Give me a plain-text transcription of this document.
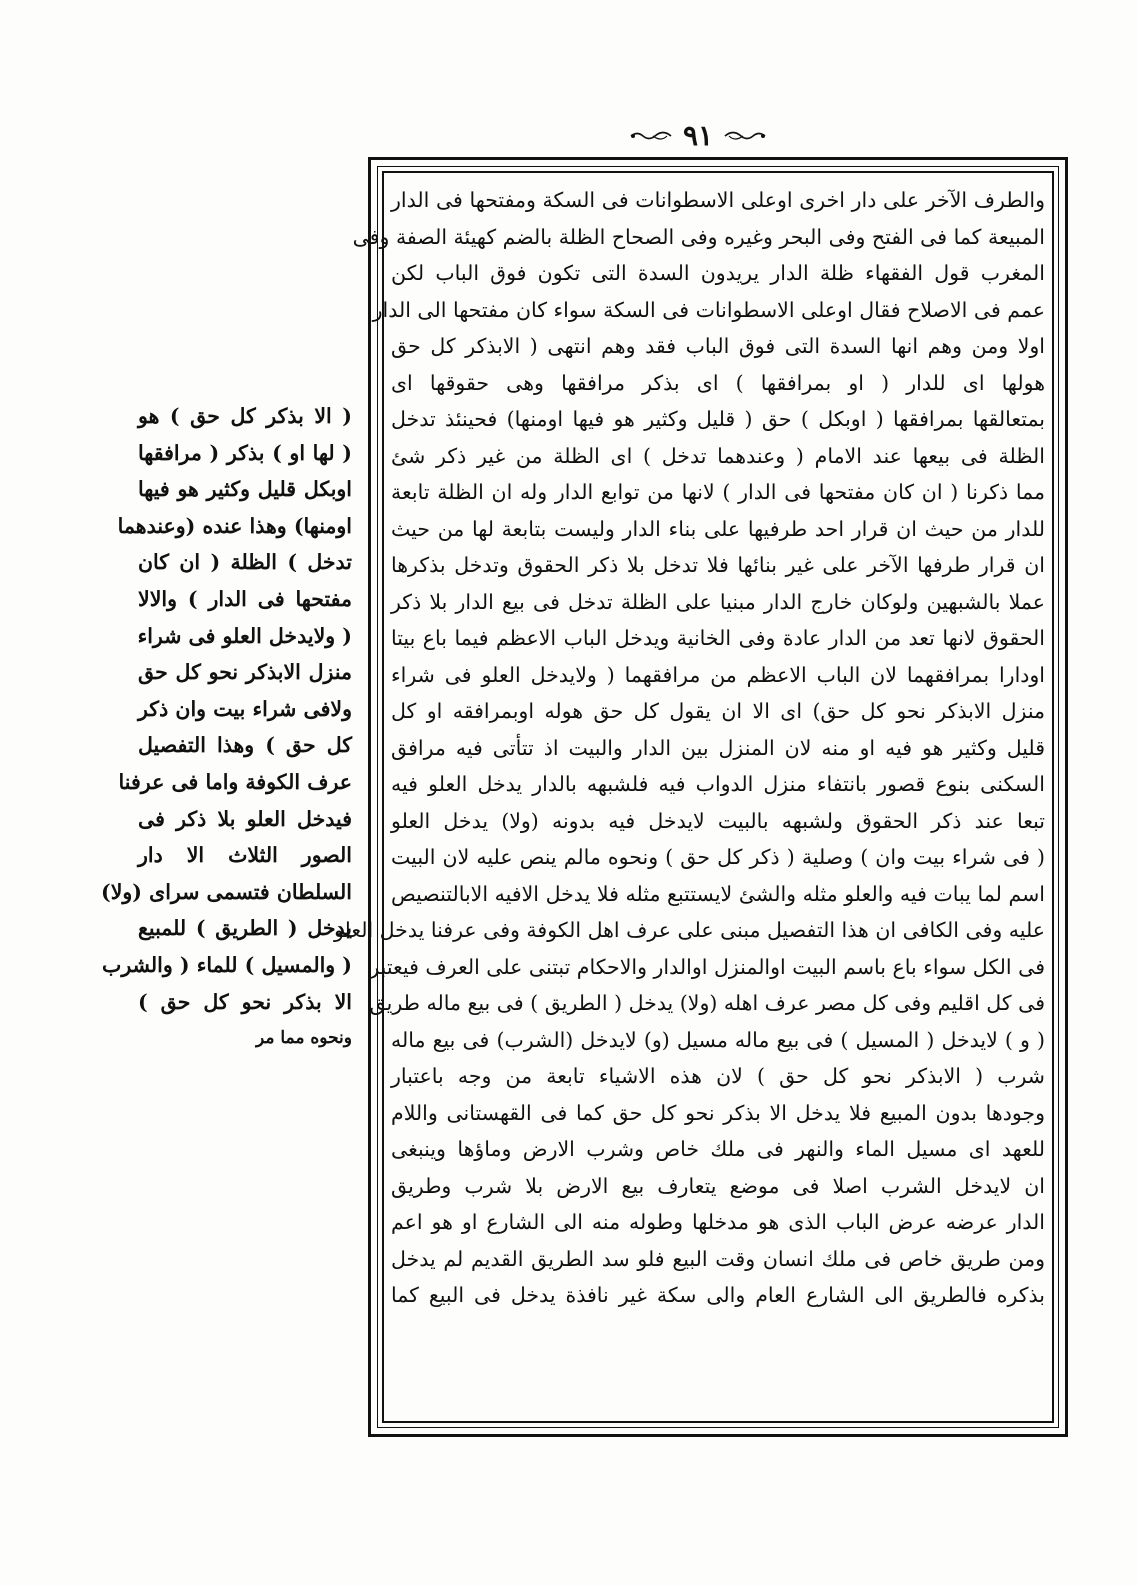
٩١
والطرف الآخر على دار اخرى اوعلى الاسطوانات فى السكة ومفتحها فى الدار
المبيعة كما فى الفتح وفى البحر وغيره وفى الصحاح الظلة بالضم كهيئة الصفة وفى
المغرب قول الفقهاء ظلة الدار يريدون السدة التى تكون فوق الباب لكن
عمم فى الاصلاح فقال اوعلى الاسطوانات فى السكة سواء كان مفتحها الى الدار
اولا ومن وهم انها السدة التى فوق الباب فقد وهم انتهى ( الابذكر كل حق
هولها اى للدار ( او بمرافقها ) اى بذكر مرافقها وهى حقوقها اى
بمتعالقها بمرافقها ( اوبكل ) حق ( قليل وكثير هو فيها اومنها) فحينئذ تدخل
الظلة فى بيعها عند الامام ( وعندهما تدخل ) اى الظلة من غير ذكر شئ
مما ذكرنا ( ان كان مفتحها فى الدار ) لانها من توابع الدار وله ان الظلة تابعة
للدار من حيث ان قرار احد طرفيها على بناء الدار وليست بتابعة لها من حيث
ان قرار طرفها الآخر على غير بنائها فلا تدخل بلا ذكر الحقوق وتدخل بذكرها
عملا بالشبهين ولوكان خارج الدار مبنيا على الظلة تدخل فى بيع الدار بلا ذكر
الحقوق لانها تعد من الدار عادة وفى الخانية ويدخل الباب الاعظم فيما باع بيتا
اودارا بمرافقهما لان الباب الاعظم من مرافقهما ( ولايدخل العلو فى شراء
منزل الابذكر نحو كل حق) اى الا ان يقول كل حق هوله اوبمرافقه او كل
قليل وكثير هو فيه او منه لان المنزل بين الدار والبيت اذ تتأتى فيه مرافق
السكنى بنوع قصور بانتفاء منزل الدواب فيه فلشبهه بالدار يدخل العلو فيه
تبعا عند ذكر الحقوق ولشبهه بالبيت لايدخل فيه بدونه (ولا) يدخل العلو
( فى شراء بيت وان ) وصلية ( ذكر كل حق ) ونحوه مالم ينص عليه لان البيت
اسم لما يبات فيه والعلو مثله والشئ لايستتبع مثله فلا يدخل الافيه الابالتنصيص
عليه وفى الكافى ان هذا التفصيل مبنى على عرف اهل الكوفة وفى عرفنا يدخل العلو
فى الكل سواء باع باسم البيت اوالمنزل اوالدار والاحكام تبتنى على العرف فيعتبر
فى كل اقليم وفى كل مصر عرف اهله (ولا) يدخل ( الطريق ) فى بيع ماله طريق
( و ) لايدخل ( المسيل ) فى بيع ماله مسيل (و) لايدخل (الشرب) فى بيع ماله
شرب ( الابذكر نحو كل حق ) لان هذه الاشياء تابعة من وجه باعتبار
وجودها بدون المبيع فلا يدخل الا بذكر نحو كل حق كما فى القهستانى واللام
للعهد اى مسيل الماء والنهر فى ملك خاص وشرب الارض وماؤها وينبغى
ان لايدخل الشرب اصلا فى موضع يتعارف بيع الارض بلا شرب وطريق
الدار عرضه عرض الباب الذى هو مدخلها وطوله منه الى الشارع او هو اعم
ومن طريق خاص فى ملك انسان وقت البيع فلو سد الطريق القديم لم يدخل
بذكره فالطريق الى الشارع العام والى سكة غير نافذة يدخل فى البيع كما
( الا بذكر كل حق ) هو
( لها او ) بذكر ( مرافقها
اوبكل قليل وكثير هو فيها
اومنها) وهذا عنده (وعندهما
تدخل ) الظلة ( ان كان
مفتحها فى الدار ) والالا
( ولايدخل العلو فى شراء
منزل الابذكر نحو كل حق
ولافى شراء بيت وان ذكر
كل حق ) وهذا التفصيل
عرف الكوفة واما فى عرفنا
فيدخل العلو بلا ذكر فى
الصور الثلاث الا دار
السلطان فتسمى سراى (ولا)
يدخل ( الطريق ) للمبيع
( والمسيل ) للماء ( والشرب
الا بذكر نحو كل حق )
ونحوه مما مر
